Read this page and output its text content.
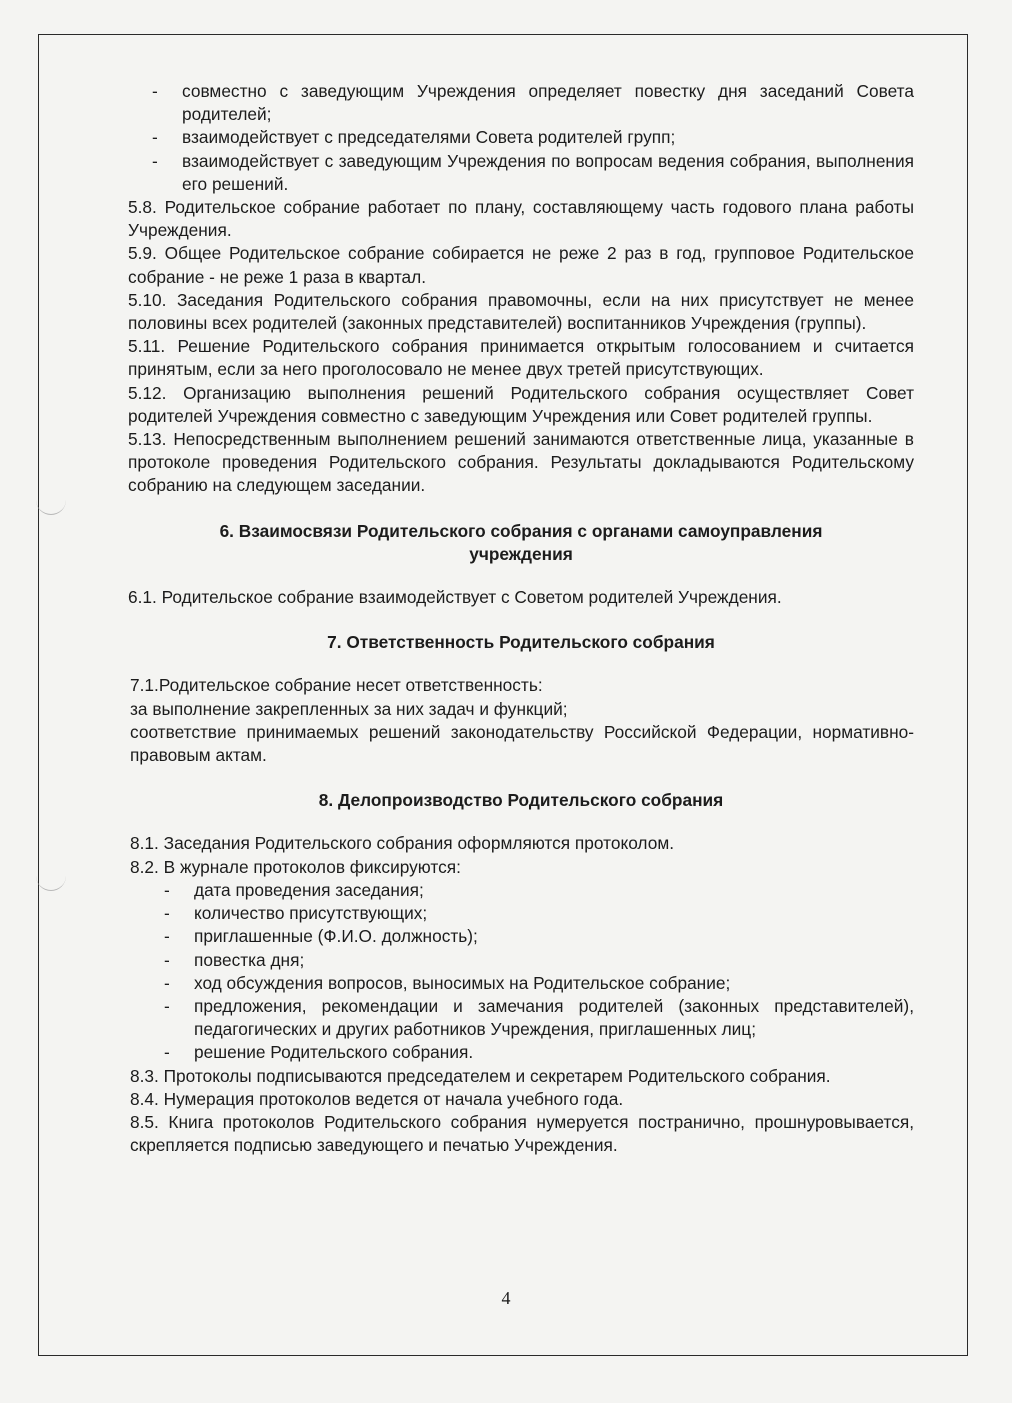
- совместно с заведующим Учреждения определяет повестку дня заседаний Совета родителей;
- взаимодействует с председателями Совета родителей групп;
- взаимодействует с заведующим Учреждения по вопросам ведения собрания, выполнения его решений.
5.8. Родительское собрание работает по плану, составляющему часть годового плана работы Учреждения.
5.9. Общее Родительское собрание собирается не реже 2 раз в год, групповое Родительское собрание - не реже 1 раза в квартал.
5.10. Заседания Родительского собрания правомочны, если на них присутствует не менее половины всех родителей (законных представителей) воспитанников Учреждения (группы).
5.11. Решение Родительского собрания принимается открытым голосованием и считается принятым, если за него проголосовало не менее двух третей присутствующих.
5.12. Организацию выполнения решений Родительского собрания осуществляет Совет родителей Учреждения совместно с заведующим Учреждения или Совет родителей группы.
5.13. Непосредственным выполнением решений занимаются ответственные лица, указанные в протоколе проведения Родительского собрания. Результаты докладываются Родительскому собранию на следующем заседании.
6. Взаимосвязи Родительского собрания с органами самоуправления
учреждения
6.1. Родительское собрание взаимодействует с Советом родителей Учреждения.
7. Ответственность Родительского собрания
7.1.Родительское собрание несет ответственность:
за выполнение закрепленных за них задач и функций;
соответствие принимаемых решений законодательству Российской Федерации, нормативно-правовым актам.
8. Делопроизводство Родительского собрания
8.1. Заседания Родительского собрания оформляются протоколом.
8.2. В журнале протоколов фиксируются:
- дата проведения заседания;
- количество присутствующих;
- приглашенные (Ф.И.О. должность);
- повестка дня;
- ход обсуждения вопросов, выносимых на Родительское собрание;
- предложения, рекомендации и замечания родителей (законных представителей), педагогических и других работников Учреждения, приглашенных лиц;
- решение Родительского собрания.
8.3. Протоколы подписываются председателем и секретарем Родительского собрания.
8.4. Нумерация протоколов ведется от начала учебного года.
8.5. Книга протоколов Родительского собрания нумеруется постранично, прошнуровывается, скрепляется подписью заведующего и печатью Учреждения.
4
